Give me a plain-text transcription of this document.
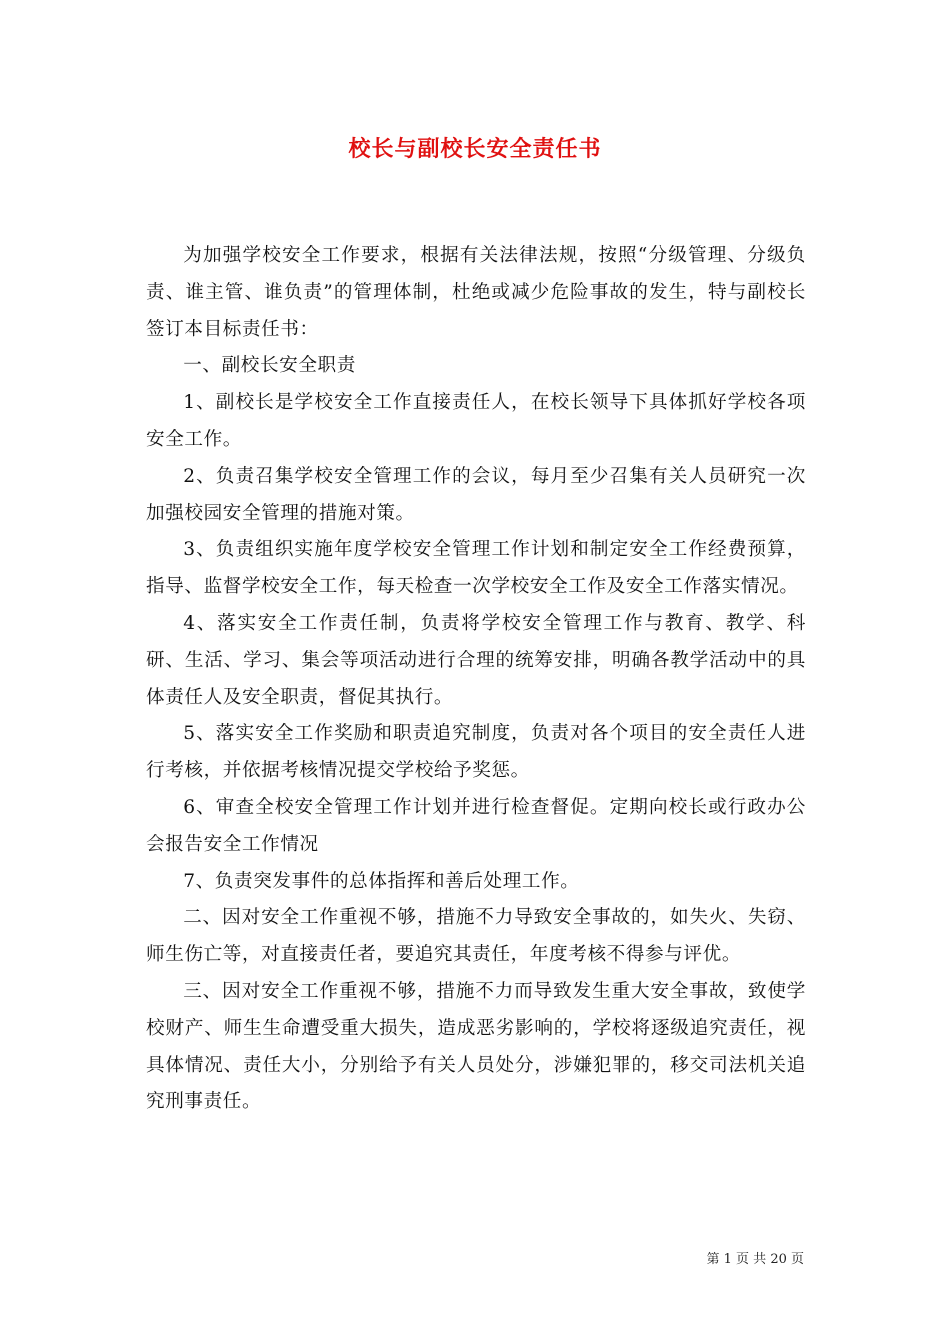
校长与副校长安全责任书

为加强学校安全工作要求，根据有关法律法规，按照“分级管理、分级负责、谁主管、谁负责”的管理体制，杜绝或减少危险事故的发生，特与副校长签订本目标责任书：

一、副校长安全职责

1、副校长是学校安全工作直接责任人，在校长领导下具体抓好学校各项安全工作。

2、负责召集学校安全管理工作的会议，每月至少召集有关人员研究一次加强校园安全管理的措施对策。

3、负责组织实施年度学校安全管理工作计划和制定安全工作经费预算，指导、监督学校安全工作，每天检查一次学校安全工作及安全工作落实情况。

4、落实安全工作责任制，负责将学校安全管理工作与教育、教学、科研、生活、学习、集会等项活动进行合理的统筹安排，明确各教学活动中的具体责任人及安全职责，督促其执行。

5、落实安全工作奖励和职责追究制度，负责对各个项目的安全责任人进行考核，并依据考核情况提交学校给予奖惩。

6、审查全校安全管理工作计划并进行检查督促。定期向校长或行政办公会报告安全工作情况

7、负责突发事件的总体指挥和善后处理工作。

二、因对安全工作重视不够，措施不力导致安全事故的，如失火、失窃、师生伤亡等，对直接责任者，要追究其责任，年度考核不得参与评优。

三、因对安全工作重视不够，措施不力而导致发生重大安全事故，致使学校财产、师生生命遭受重大损失，造成恶劣影响的，学校将逐级追究责任，视具体情况、责任大小，分别给予有关人员处分，涉嫌犯罪的，移交司法机关追究刑事责任。

第 1 页 共 20 页
